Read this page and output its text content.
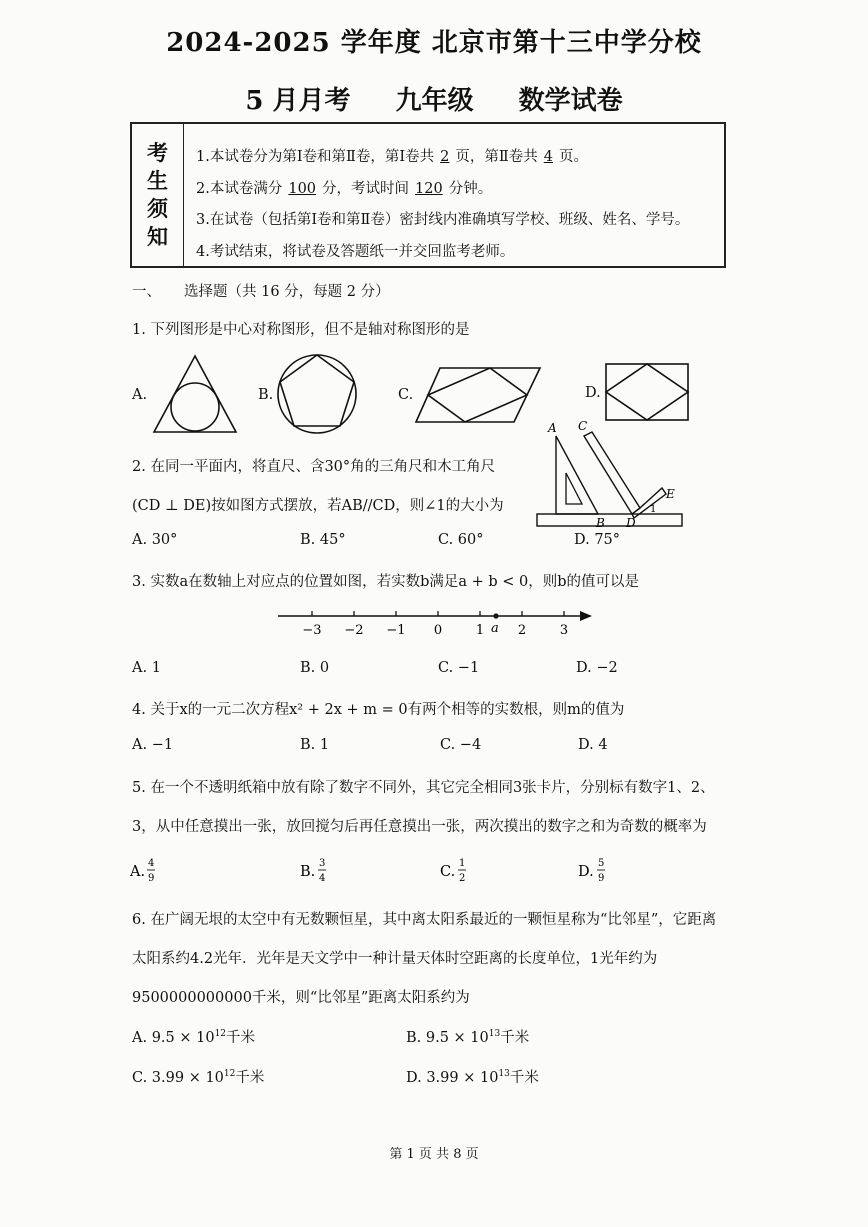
2024-2025 学年度 北京市第十三中学分校
5 月月考 九年级 数学试卷
考
生
须
知
1.本试卷分为第Ⅰ卷和第Ⅱ卷，第Ⅰ卷共 2 页，第Ⅱ卷共 4 页。
2.本试卷满分 100 分，考试时间 120 分钟。
3.在试卷（包括第Ⅰ卷和第Ⅱ卷）密封线内准确填写学校、班级、姓名、学号。
4.考试结束，将试卷及答题纸一并交回监考老师。
一、 选择题（共 16 分，每题 2 分）
1. 下列图形是中心对称图形，但不是轴对称图形的是
A.	B.	C.	D.
2. 在同一平面内，将直尺、含30°角的三角尺和木工角尺
(CD ⊥ DE)按如图方式摆放，若AB//CD，则∠1的大小为
A C
E
B D
1
A. 30°	B. 45°	C. 60°	D. 75°
3. 实数a在数轴上对应点的位置如图，若实数b满足a + b < 0，则b的值可以是
−3 −2 −1 0	1	2	3
a
A. 1	B. 0	C. −1	D. −2
4. 关于x的一元二次方程x² + 2x + m = 0有两个相等的实数根，则m的值为
A. −1	B. 1	C. −4	D. 4
5. 在一个不透明纸箱中放有除了数字不同外，其它完全相同3张卡片，分别标有数字1、2、
3，从中任意摸出一张，放回搅匀后再任意摸出一张，两次摸出的数字之和为奇数的概率为
A.
4
9	B.
3
4	C.
1
2	D.
5
9
6. 在广阔无垠的太空中有无数颗恒星，其中离太阳系最近的一颗恒星称为“比邻星”，它距离
太阳系约4.2光年．光年是天文学中一种计量天体时空距离的长度单位，1光年约为
9500000000000千米，则“比邻星”距离太阳系约为
A. $9.5 \times 10^{12}$千米	B. $9.5 \times 10^{13}$千米
C. $3.99 \times 10^{12}$千米	D. $3.99 \times 10^{13}$千米
第 1 页 共 8 页
